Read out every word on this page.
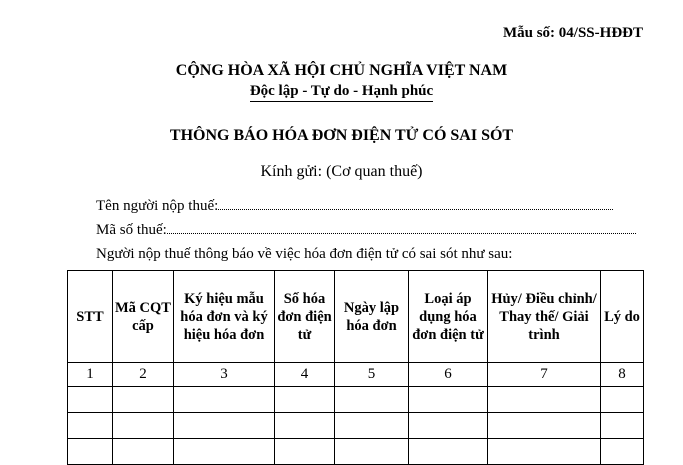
Mẫu số: 04/SS-HĐĐT
CỘNG HÒA XÃ HỘI CHỦ NGHĨA VIỆT NAM
Độc lập - Tự do - Hạnh phúc
THÔNG BÁO HÓA ĐƠN ĐIỆN TỬ CÓ SAI SÓT
Kính gửi: (Cơ quan thuế)
Tên người nộp thuế:
Mã số thuế:
Người nộp thuế thông báo về việc hóa đơn điện tử có sai sót như sau:
STT	Mã CQT cấp	Ký hiệu mẫu hóa đơn và ký hiệu hóa đơn	Số hóa đơn điện tử	Ngày lập hóa đơn	Loại áp dụng hóa đơn điện tử	Hủy/ Điều chỉnh/ Thay thế/ Giải trình	Lý do
1	2	3	4	5	6	7	8
